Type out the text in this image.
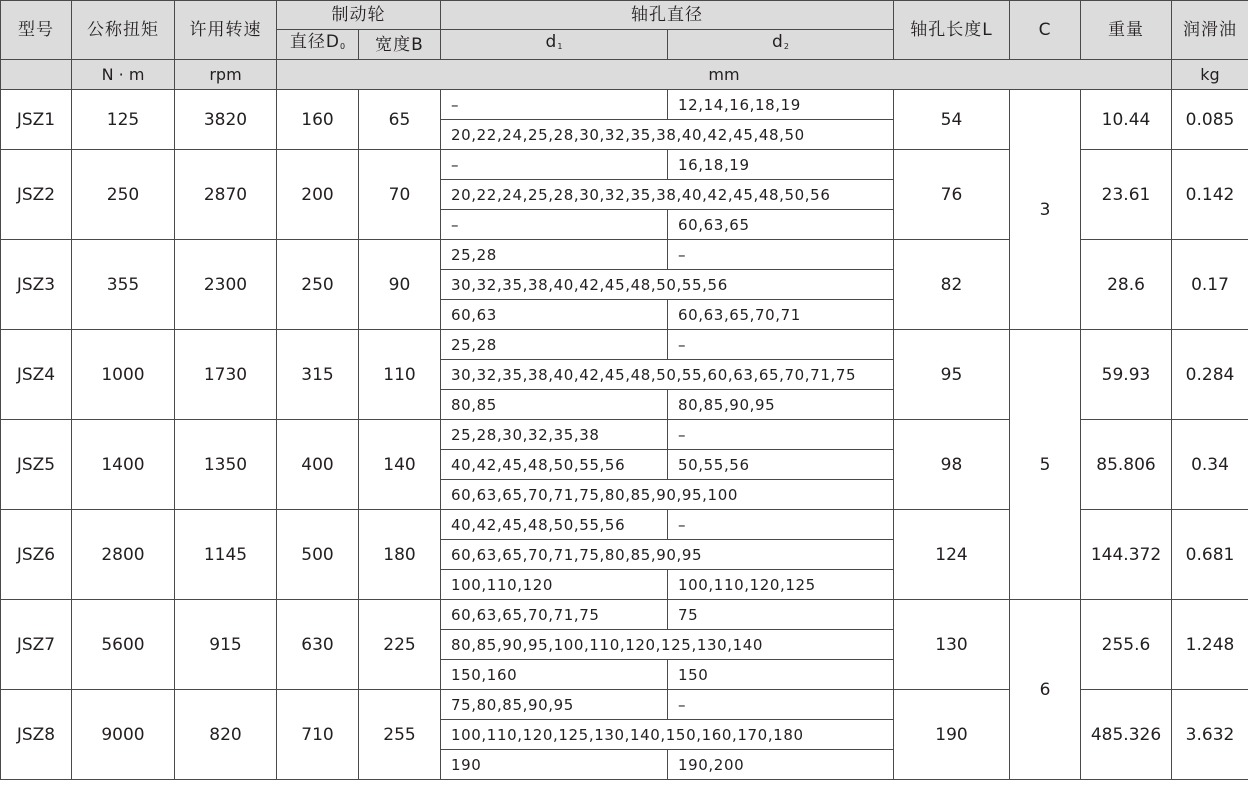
型号	公称扭矩	许用转速	制动轮		轴孔直径		轴孔长度L	C	重量	润滑油
			直径$D_0$	宽度B	$d_1$	$d_2$
	N · m	rpm	mm							kg
JSZ1	125	3820	160	65	–	12,14,16,18,19	54	3	10.44	0.085
					20,22,24,25,28,30,32,35,38,40,42,45,48,50					
JSZ2	250	2870	200	70	–	16,18,19	76		23.61	0.142
					20,22,24,25,28,30,32,35,38,40,42,45,48,50,56					
					–	60,63,65				
JSZ3	355	2300	250	90	25,28	–	82		28.6	0.17
					30,32,35,38,40,42,45,48,50,55,56					
					60,63	60,63,65,70,71				
JSZ4	1000	1730	315	110	25,28	–	95	5	59.93	0.284
					30,32,35,38,40,42,45,48,50,55,60,63,65,70,71,75					
					80,85	80,85,90,95				
JSZ5	1400	1350	400	140	25,28,30,32,35,38	–	98		85.806	0.34
					40,42,45,48,50,55,56	50,55,56				
					60,63,65,70,71,75,80,85,90,95,100					
JSZ6	2800	1145	500	180	40,42,45,48,50,55,56	–	124		144.372	0.681
					60,63,65,70,71,75,80,85,90,95					
					100,110,120	100,110,120,125				
JSZ7	5600	915	630	225	60,63,65,70,71,75	75	130	6	255.6	1.248
					80,85,90,95,100,110,120,125,130,140					
					150,160	150				
JSZ8	9000	820	710	255	75,80,85,90,95	–	190		485.326	3.632
					100,110,120,125,130,140,150,160,170,180					
					190	190,200				
